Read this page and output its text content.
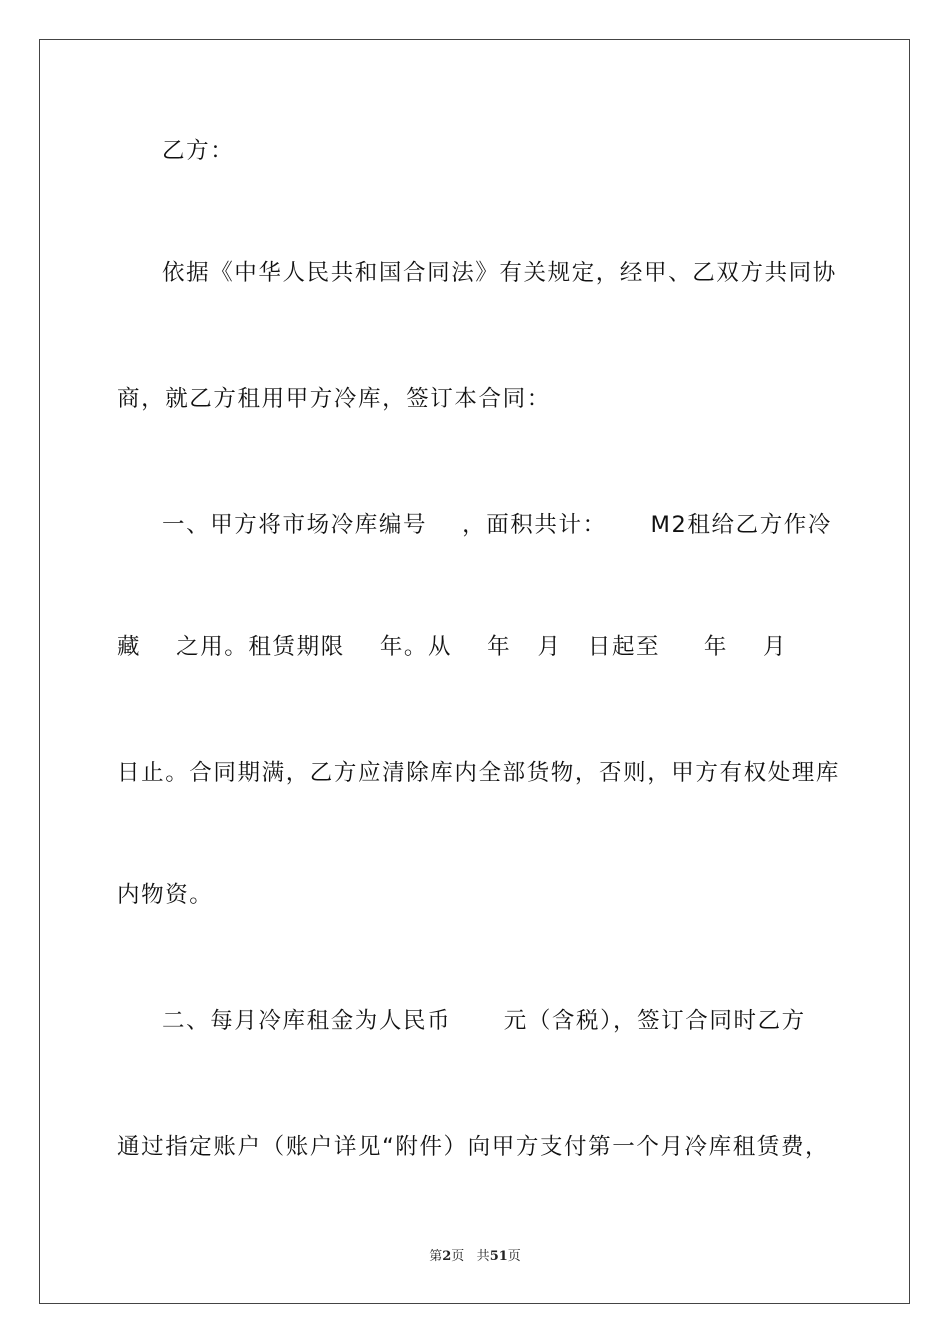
乙方：
依据《中华人民共和国合同法》有关规定，经甲、乙双方共同协
商，就乙方租用甲方冷库，签订本合同：
一、甲方将市场冷库编号    ，面积共计：     M2租给乙方作冷
藏    之用。租赁期限    年。从    年   月   日起至     年    月
日止。合同期满，乙方应清除库内全部货物，否则，甲方有权处理库
内物资。
二、每月冷库租金为人民币      元（含税），签订合同时乙方
通过指定账户（账户详见“附件）向甲方支付第一个月冷库租赁费，
第2页 共51页
